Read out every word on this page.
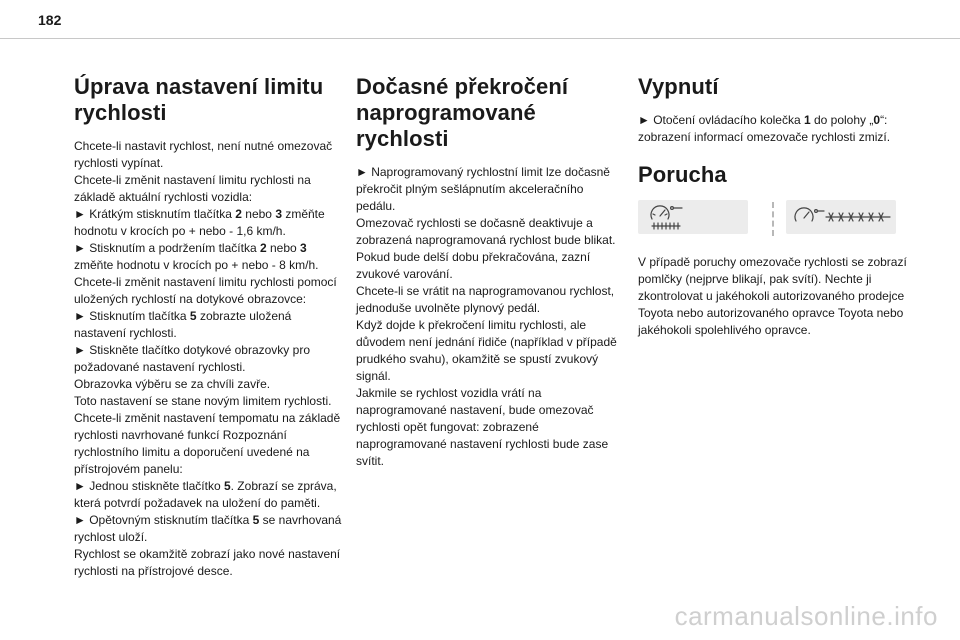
182
Úprava nastavení limitu rychlosti

Chcete-li nastavit rychlost, není nutné omezovač rychlosti vypínat.

Chcete-li změnit nastavení limitu rychlosti na základě aktuální rychlosti vozidla:

► Krátkým stisknutím tlačítka 2 nebo 3 změňte hodnotu v krocích po + nebo - 1,6 km/h.

► Stisknutím a podržením tlačítka 2 nebo 3 změňte hodnotu v krocích po + nebo - 8 km/h.

Chcete-li změnit nastavení limitu rychlosti pomocí uložených rychlostí na dotykové obrazovce:

► Stisknutím tlačítka 5 zobrazte uložená nastavení rychlosti.

► Stiskněte tlačítko dotykové obrazovky pro požadované nastavení rychlosti.

Obrazovka výběru se za chvíli zavře.

Toto nastavení se stane novým limitem rychlosti.

Chcete-li změnit nastavení tempomatu na základě rychlosti navrhované funkcí Rozpoznání rychlostního limitu a doporučení uvedené na přístrojovém panelu:

► Jednou stiskněte tlačítko 5. Zobrazí se zpráva, která potvrdí požadavek na uložení do paměti.

► Opětovným stisknutím tlačítka 5 se navrhovaná rychlost uloží.

Rychlost se okamžitě zobrazí jako nové nastavení rychlosti na přístrojové desce.

Dočasné překročení naprogramované rychlosti

► Naprogramovaný rychlostní limit lze dočasně překročit plným sešlápnutím akceleračního pedálu.

Omezovač rychlosti se dočasně deaktivuje a zobrazená naprogramovaná rychlost bude blikat.

Pokud bude delší dobu překračována, zazní zvukové varování.

Chcete-li se vrátit na naprogramovanou rychlost, jednoduše uvolněte plynový pedál.

Když dojde k překročení limitu rychlosti, ale důvodem není jednání řidiče (například v případě prudkého svahu), okamžitě se spustí zvukový signál.

Jakmile se rychlost vozidla vrátí na naprogramované nastavení, bude omezovač rychlosti opět fungovat: zobrazené naprogramované nastavení rychlosti bude zase svítit.

Vypnutí

► Otočení ovládacího kolečka 1 do polohy „0“: zobrazení informací omezovače rychlosti zmizí.

Porucha

V případě poruchy omezovače rychlosti se zobrazí pomlčky (nejprve blikají, pak svítí). Nechte ji zkontrolovat u jakéhokoli autorizovaného prodejce Toyota nebo autorizovaného opravce Toyota nebo jakéhokoli spolehlivého opravce.

carmanualsonline.info
